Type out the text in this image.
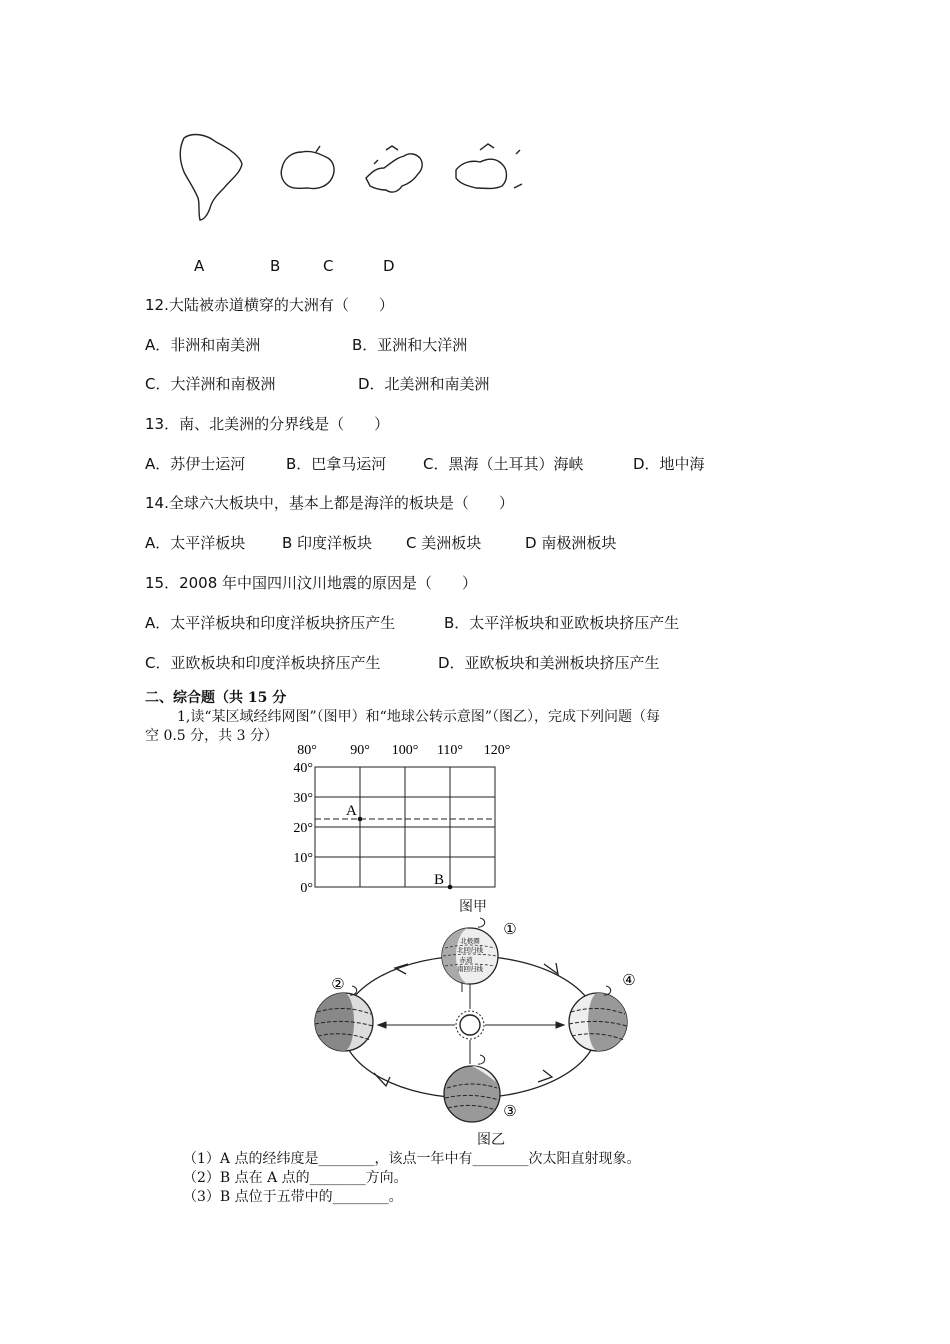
A	B	C	D
12.大陆被赤道横穿的大洲有（　　）
A．非洲和南美洲	B．亚洲和大洋洲
C．大洋洲和南极洲	D．北美洲和南美洲
13．南、北美洲的分界线是（　　）
A．苏伊士运河	B．巴拿马运河 C．黑海（土耳其）海峡	D．地中海
14.全球六大板块中，基本上都是海洋的板块是（　　）
A．太平洋板块 B 印度洋板块 C 美洲板块	D 南极洲板块
15．2008 年中国四川汶川地震的原因是（　　）
A．太平洋板块和印度洋板块挤压产生	B．太平洋板块和亚欧板块挤压产生
C．亚欧板块和印度洋板块挤压产生	D．亚欧板块和美洲板块挤压产生
二、综合题（共 15 分
1,读“某区域经纬网图”（图甲）和“地球公转示意图”（图乙），完成下列问题（每
空 0.5 分，共 3 分）
A
B
80° 90° 100° 110° 120°
40°
30°
20°
10°
0°
图甲
北极圈
北回归线
赤道
南回归线
①
②
③
④
图乙
（1）A 点的经纬度是________，该点一年中有________次太阳直射现象。
（2）B 点在 A 点的________方向。
（3）B 点位于五带中的________。
